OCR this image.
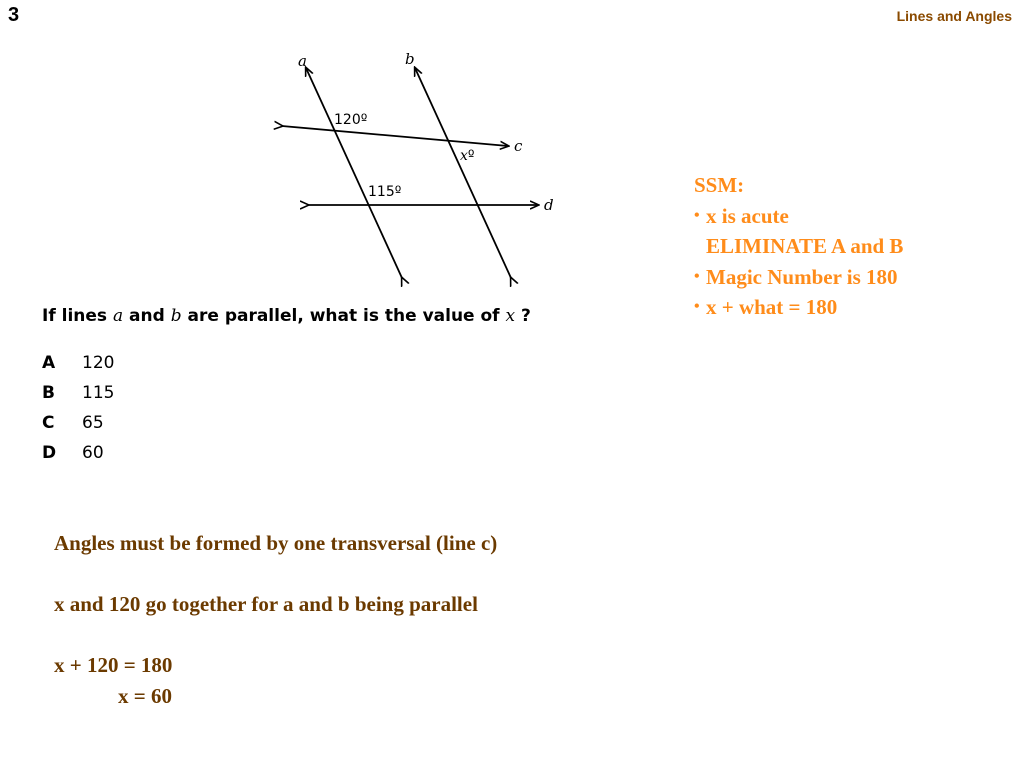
3	Lines and Angles
a	b
c
d
120º
xº
115º
If lines a and b are parallel, what is the value of x ?
A	120
B	115
C	65
D	60
SSM:
• x is acute
ELIMINATE A and B
• Magic Number is 180
• x + what = 180
Angles must be formed by one transversal (line c)
x and 120 go together for a and b being parallel
x + 120 = 180
x = 60
